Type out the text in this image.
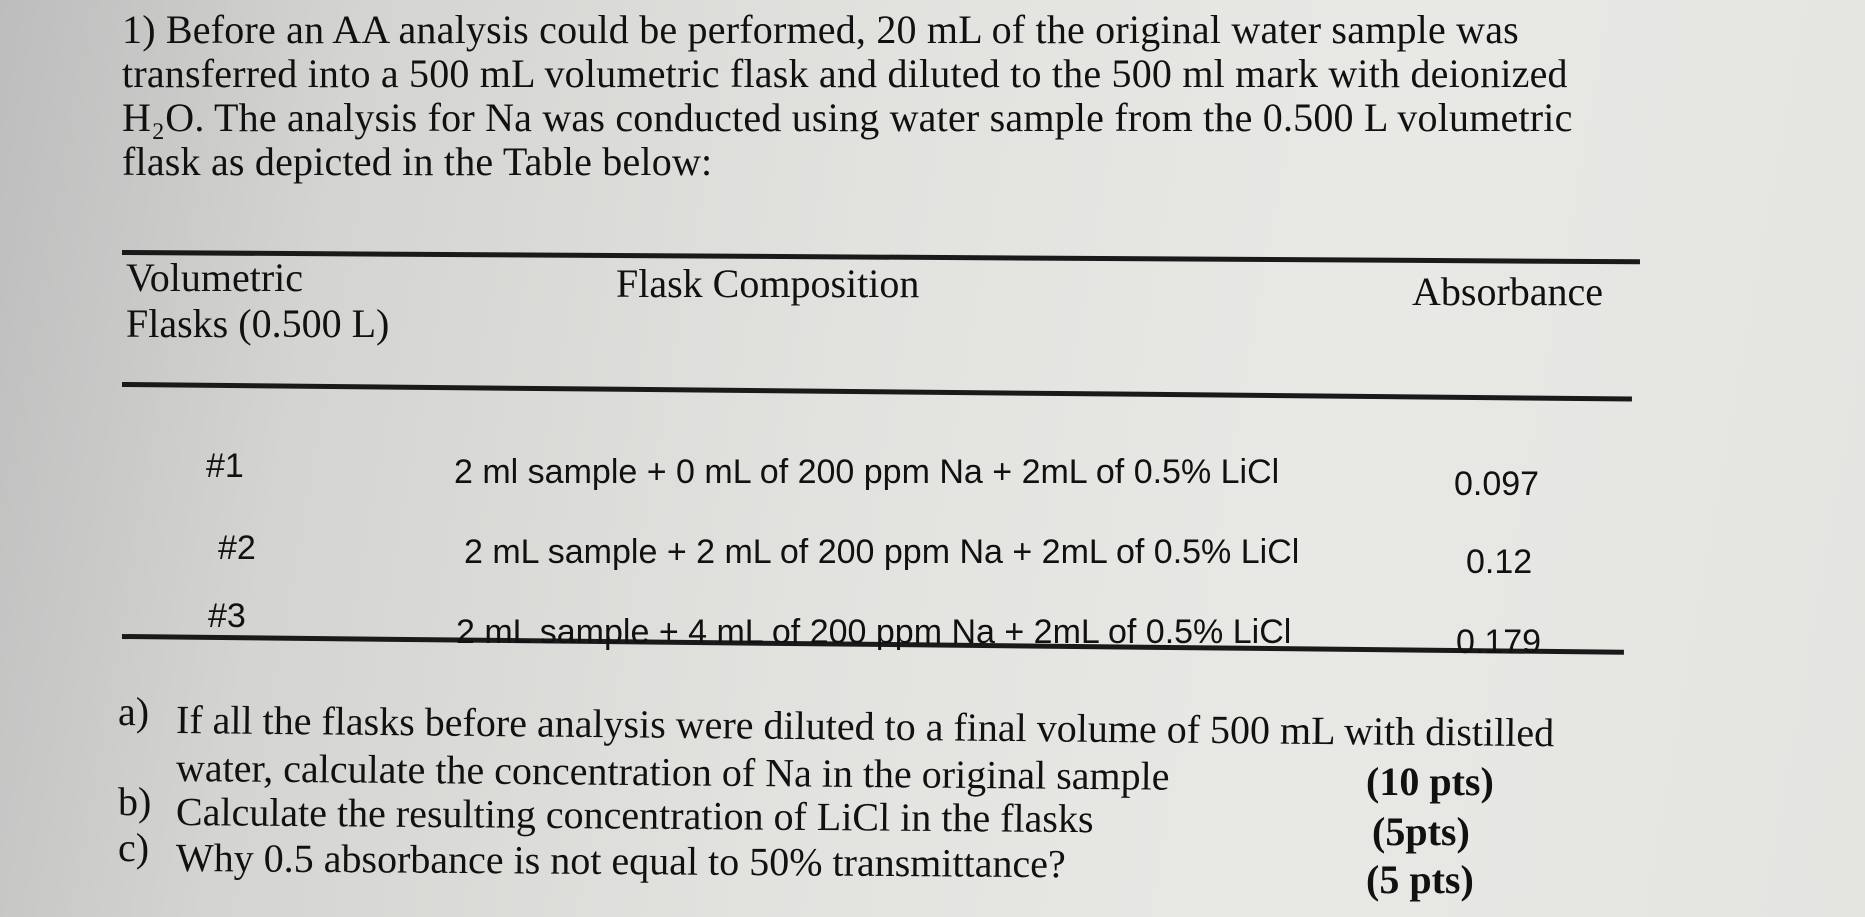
1) Before an AA analysis could be performed, 20 mL of the original water sample was
transferred into a 500 mL volumetric flask and diluted to the 500 ml mark with deionized
H₂O. The analysis for Na was conducted using water sample from the 0.500 L volumetric
flask as depicted in the Table below:
Volumetric
Flasks (0.500 L)
Flask Composition	Absorbance
#1	2 ml sample + 0 mL of 200 ppm Na + 2mL of 0.5% LiCl	0.097
#2	2 mL sample + 2 mL of 200 ppm Na + 2mL of 0.5% LiCl	0.12
#3	2 mL sample + 4 mL of 200 ppm Na + 2mL of 0.5% LiCl	0.179
a) If all the flasks before analysis were diluted to a final volume of 500 mL with distilled
water, calculate the concentration of Na in the original sample	(10 pts)
b) Calculate the resulting concentration of LiCl in the flasks	(5pts)
c) Why 0.5 absorbance is not equal to 50% transmittance?	(5 pts)
